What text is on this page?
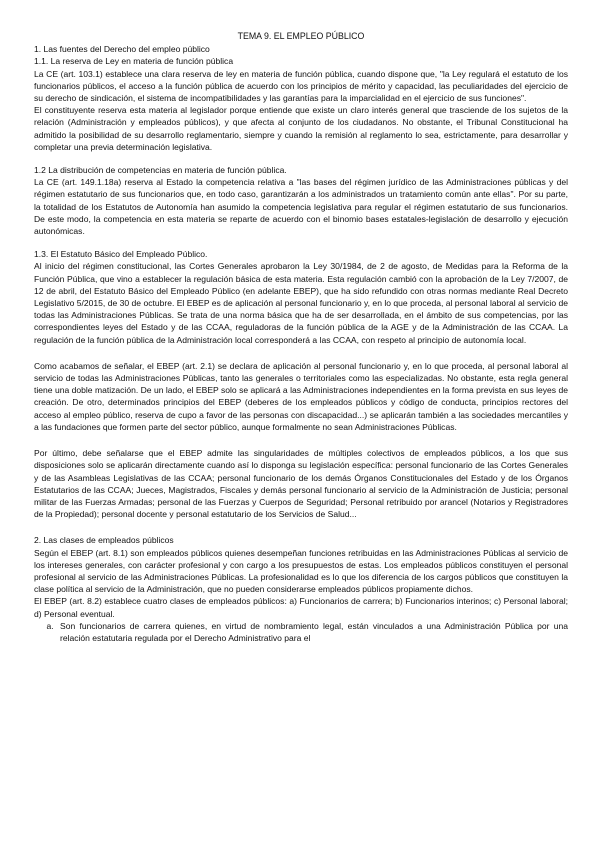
TEMA 9. EL EMPLEO PÚBLICO
1. Las fuentes del Derecho del empleo público
1.1. La reserva de Ley en materia de función pública

La CE (art. 103.1) establece una clara reserva de ley en materia de función pública, cuando dispone que, "la Ley regulará el estatuto de los funcionarios públicos, el acceso a la función pública de acuerdo con los principios de mérito y capacidad, las peculiaridades del ejercicio de su derecho de sindicación, el sistema de incompatibilidades y las garantías para la imparcialidad en el ejercicio de sus funciones".

El constituyente reserva esta materia al legislador porque entiende que existe un claro interés general que trasciende de los sujetos de la relación (Administración y empleados públicos), y que afecta al conjunto de los ciudadanos. No obstante, el Tribunal Constitucional ha admitido la posibilidad de su desarrollo reglamentario, siempre y cuando la remisión al reglamento lo sea, estrictamente, para desarrollar y completar una previa determinación legislativa.

1.2 La distribución de competencias en materia de función pública.

La CE (art. 149.1.18a) reserva al Estado la competencia relativa a "las bases del régimen jurídico de las Administraciones públicas y del régimen estatutario de sus funcionarios que, en todo caso, garantizarán a los administrados un tratamiento común ante ellas". Por su parte, la totalidad de los Estatutos de Autonomía han asumido la competencia legislativa para regular el régimen estatutario de sus funcionarios. De este modo, la competencia en esta materia se reparte de acuerdo con el binomio bases estatales-legislación de desarrollo y ejecución autonómicas.

1.3. El Estatuto Básico del Empleado Público.

Al inicio del régimen constitucional, las Cortes Generales aprobaron la Ley 30/1984, de 2 de agosto, de Medidas para la Reforma de la Función Pública, que vino a establecer la regulación básica de esta materia. Esta regulación cambió con la aprobación de la Ley 7/2007, de 12 de abril, del Estatuto Básico del Empleado Público (en adelante EBEP), que ha sido refundido con otras normas mediante Real Decreto Legislativo 5/2015, de 30 de octubre. El EBEP es de aplicación al personal funcionario y, en lo que proceda, al personal laboral al servicio de todas las Administraciones Públicas. Se trata de una norma básica que ha de ser desarrollada, en el ámbito de sus competencias, por las correspondientes leyes del Estado y de las CCAA, reguladoras de la función pública de la AGE y de la Administración de las CCAA. La regulación de la función pública de la Administración local corresponderá a las CCAA, con respeto al principio de autonomía local.

Como acabamos de señalar, el EBEP (art. 2.1) se declara de aplicación al personal funcionario y, en lo que proceda, al personal laboral al servicio de todas las Administraciones Públicas, tanto las generales o territoriales como las especializadas. No obstante, esta regla general tiene una doble matización. De un lado, el EBEP solo se aplicará a las Administraciones independientes en la forma prevista en sus leyes de creación. De otro, determinados principios del EBEP (deberes de los empleados públicos y código de conducta, principios rectores del acceso al empleo público, reserva de cupo a favor de las personas con discapacidad...) se aplicarán también a las sociedades mercantiles y a las fundaciones que formen parte del sector público, aunque formalmente no sean Administraciones Públicas.

Por último, debe señalarse que el EBEP admite las singularidades de múltiples colectivos de empleados públicos, a los que sus disposiciones solo se aplicarán directamente cuando así lo disponga su legislación específica: personal funcionario de las Cortes Generales y de las Asambleas Legislativas de las CCAA; personal funcionario de los demás Órganos Constitucionales del Estado y de los Órganos Estatutarios de las CCAA; Jueces, Magistrados, Fiscales y demás personal funcionario al servicio de la Administración de Justicia; personal militar de las Fuerzas Armadas; personal de las Fuerzas y Cuerpos de Seguridad; Personal retribuido por arancel (Notarios y Registradores de la Propiedad); personal docente y personal estatutario de los Servicios de Salud...

2. Las clases de empleados públicos

Según el EBEP (art. 8.1) son empleados públicos quienes desempeñan funciones retribuidas en las Administraciones Públicas al servicio de los intereses generales, con carácter profesional y con cargo a los presupuestos de estas. Los empleados públicos constituyen el personal profesional al servicio de las Administraciones Públicas. La profesionalidad es lo que los diferencia de los cargos públicos que constituyen la clase política al servicio de la Administración, que no pueden considerarse empleados públicos propiamente dichos.

El EBEP (art. 8.2) establece cuatro clases de empleados públicos: a) Funcionarios de carrera; b) Funcionarios interinos; c) Personal laboral; d) Personal eventual.

a. Son funcionarios de carrera quienes, en virtud de nombramiento legal, están vinculados a una Administración Pública por una relación estatutaria regulada por el Derecho Administrativo para el
